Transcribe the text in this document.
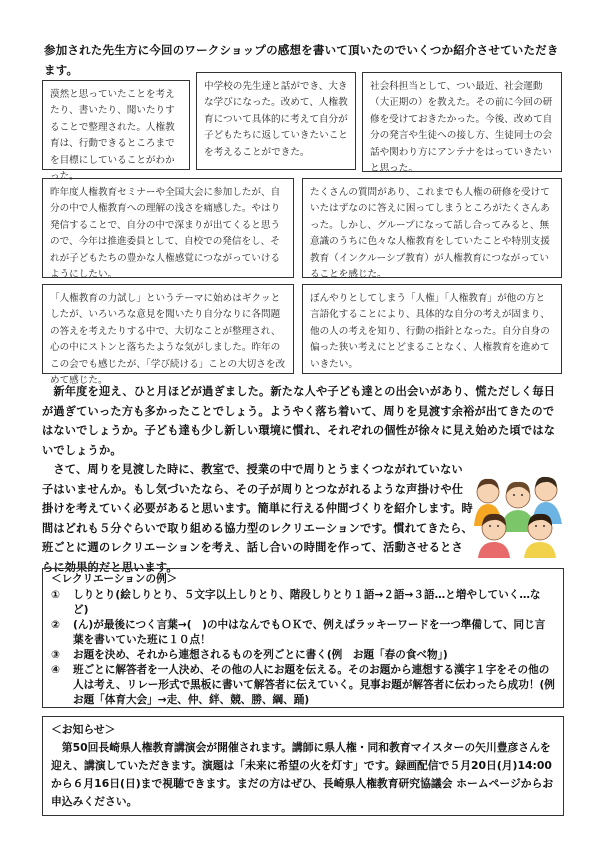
参加された先生方に今回のワークショップの感想を書いて頂いたのでいくつか紹介させていただきます。
漠然と思っていたことを考えたり、書いたり、聞いたりすることで整理された。人権教育は、行動できるところまでを目標にしていることがわかった。
中学校の先生達と話ができ、大きな学びになった。改めて、人権教育について具体的に考えて自分が子どもたちに返していきたいことを考えることができた。
社会科担当として、つい最近、社会運動（大正期の）を教えた。その前に今回の研修を受けておきたかった。今後、改めて自分の発言や生徒への接し方、生徒同士の会話や関わり方にアンテナをはっていきたいと思った。
昨年度人権教育セミナーや全国大会に参加したが、自分の中で人権教育への理解の浅さを痛感した。やはり発信することで、自分の中で深まりが出てくると思うので、今年は推進委員として、自校での発信をし、それが子どもたちの豊かな人権感覚につながっていけるようにしたい。
たくさんの質問があり、これまでも人権の研修を受けていたはずなのに答えに困ってしまうところがたくさんあった。しかし、グループになって話し合ってみると、無意識のうちに色々な人権教育をしていたことや特別支援教育（インクルーシブ教育）が人権教育につながっていることを感じた。
「人権教育の力試し」というテーマに始めはギクッとしたが、いろいろな意見を聞いたり自分なりに各問題の答えを考えたりする中で、大切なことが整理され、心の中にストンと落ちたような気がしました。昨年のこの会でも感じたが、「学び続ける」ことの大切さを改めて感じた。
ぼんやりとしてしまう「人権」「人権教育」が他の方と言語化することにより、具体的な自分の考えが固まり、他の人の考えを知り、行動の指針となった。自分自身の偏った狭い考えにとどまることなく、人権教育を進めていきたい。
　新年度を迎え、ひと月ほどが過ぎました。新たな人や子ども達との出会いがあり、慌ただしく毎日が過ぎていった方も多かったことでしょう。ようやく落ち着いて、周りを見渡す余裕が出てきたのではないでしょうか。子ども達も少し新しい環境に慣れ、それぞれの個性が徐々に見え始めた頃ではないでしょうか。
　さて、周りを見渡した時に、教室で、授業の中で周りとうまくつながれていない子はいませんか。もし気づいたなら、その子が周りとつながれるような声掛けや仕掛けを考えていく必要があると思います。簡単に行える仲間づくりを紹介します。時間はどれも５分ぐらいで取り組める協力型のレクリエーションです。慣れてきたら、班ごとに週のレクリエーションを考え、話し合いの時間を作って、活動させるとさらに効果的だと思います。
＜レクリエーションの例＞
①	しりとり(絵しりとり、５文字以上しりとり、階段しりとり１語→２語→３語…と増やしていく…など)
②	(ん)が最後につく言葉→(　)の中はなんでもＯＫで、例えばラッキーワードを一つ準備して、同じ言葉を書いていた班に１０点！
③	お題を決め、それから連想されるものを列ごとに書く(例　お題「春の食べ物」)
④	班ごとに解答者を一人決め、その他の人にお題を伝える。そのお題から連想する漢字１字をその他の人は考え、リレー形式で黒板に書いて解答者に伝えていく。見事お題が解答者に伝わったら成功！(例　お題「体育大会」→走、仲、絆、競、勝、綱、踊)
＜お知らせ＞
　第50回長崎県人権教育講演会が開催されます。講師に県人権・同和教育マイスターの矢川豊彦さんを迎え、講演していただきます。演題は「未来に希望の火を灯す」です。録画配信で５月20日(月)14:00から６月16日(日)まで視聴できます。まだの方はぜひ、長崎県人権教育研究協議会 ホームページからお申込みください。
